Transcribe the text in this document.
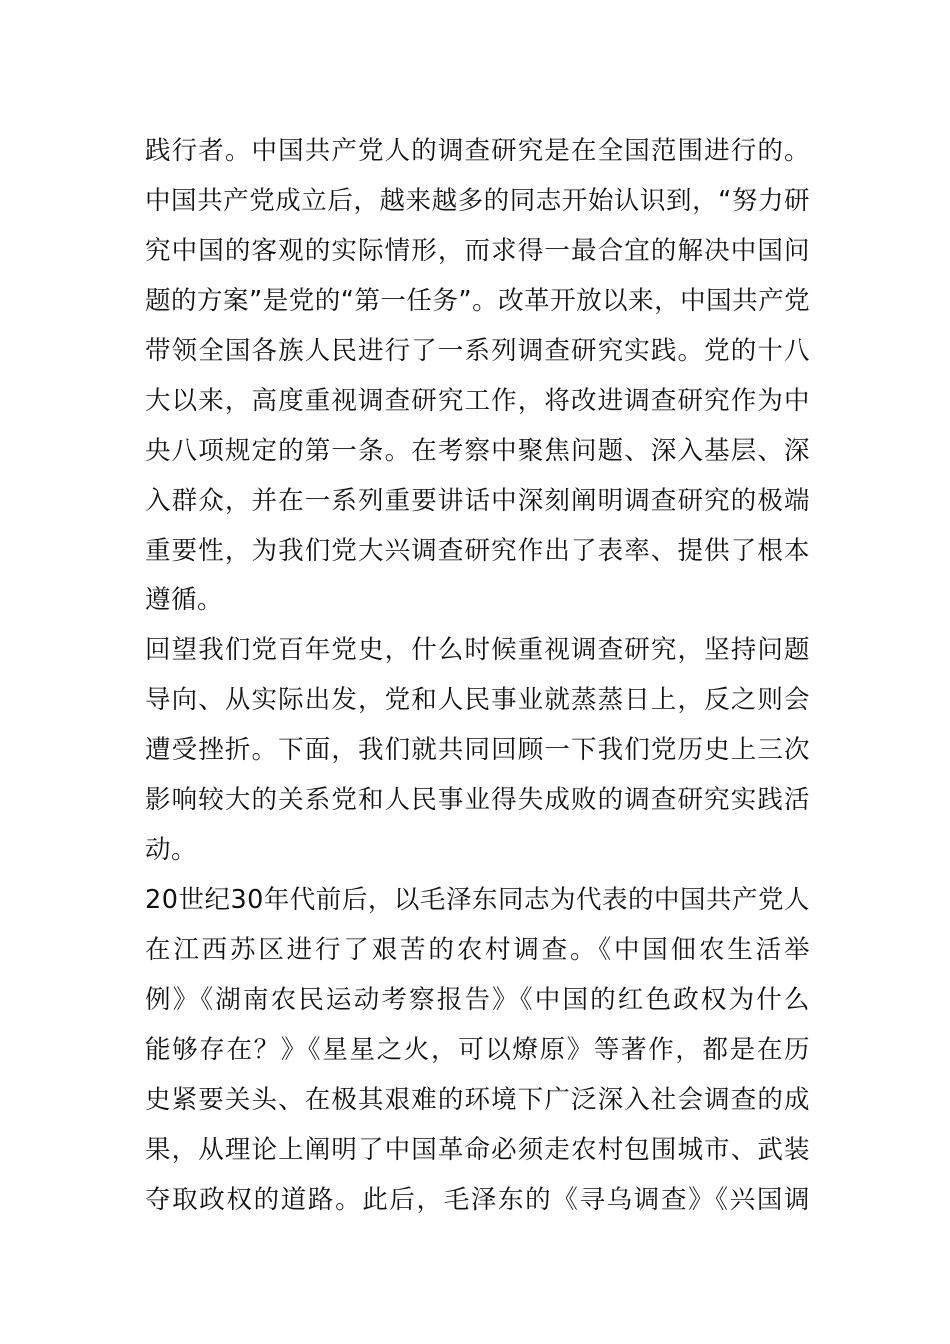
践行者。中国共产党人的调查研究是在全国范围进行的。
中国共产党成立后，越来越多的同志开始认识到，“努力研
究中国的客观的实际情形，而求得一最合宜的解决中国问
题的方案”是党的“第一任务”。改革开放以来，中国共产党
带领全国各族人民进行了一系列调查研究实践。党的十八
大以来，高度重视调查研究工作，将改进调查研究作为中
央八项规定的第一条。在考察中聚焦问题、深入基层、深
入群众，并在一系列重要讲话中深刻阐明调查研究的极端
重要性，为我们党大兴调查研究作出了表率、提供了根本
遵循。
回望我们党百年党史，什么时候重视调查研究，坚持问题
导向、从实际出发，党和人民事业就蒸蒸日上，反之则会
遭受挫折。下面，我们就共同回顾一下我们党历史上三次
影响较大的关系党和人民事业得失成败的调查研究实践活
动。
20世纪30年代前后，以毛泽东同志为代表的中国共产党人
在江西苏区进行了艰苦的农村调查。《中国佃农生活举
例》《湖南农民运动考察报告》《中国的红色政权为什么
能够存在？》《星星之火，可以燎原》等著作，都是在历
史紧要关头、在极其艰难的环境下广泛深入社会调查的成
果，从理论上阐明了中国革命必须走农村包围城市、武装
夺取政权的道路。此后，毛泽东的《寻乌调查》《兴国调
